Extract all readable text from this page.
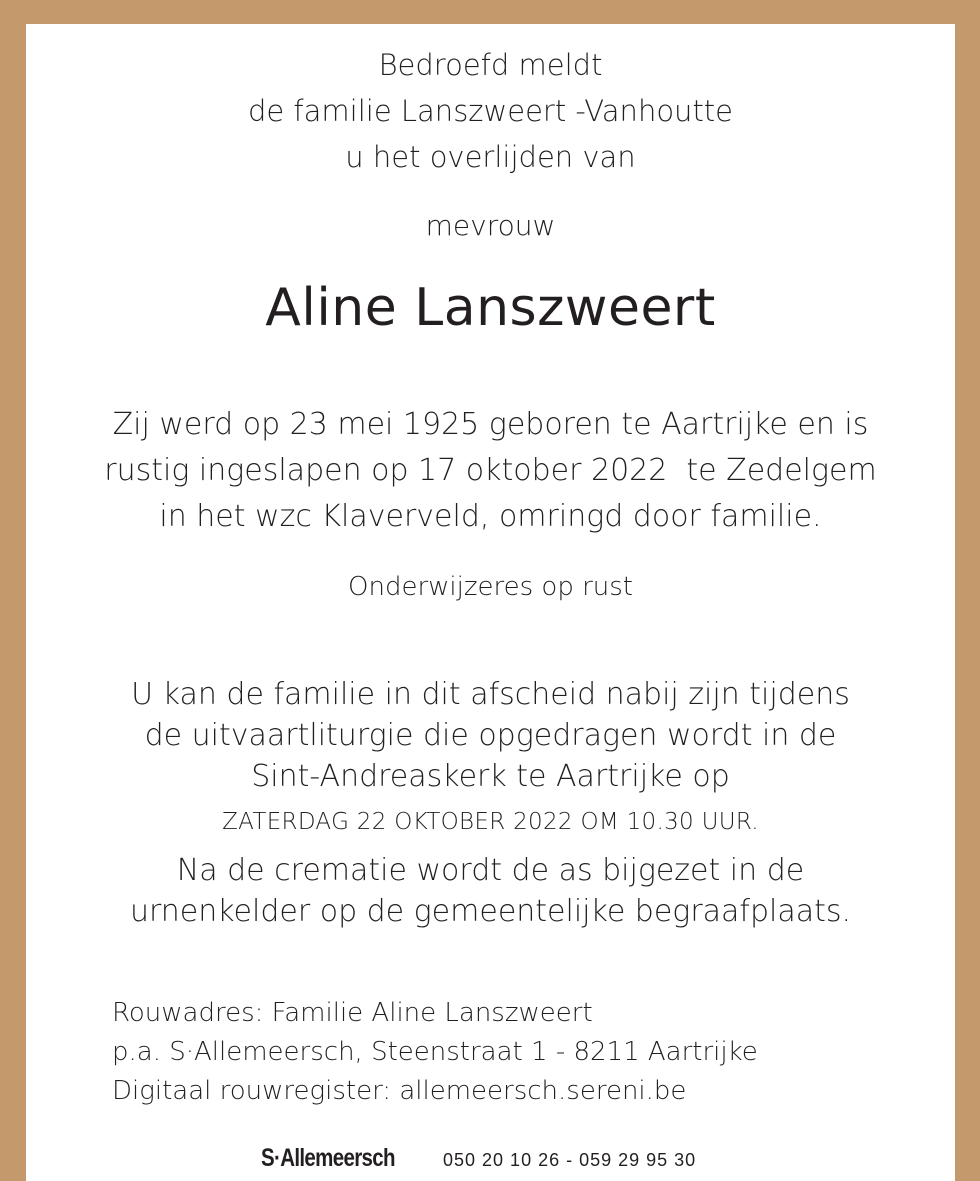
Bedroefd meldt
de familie Lanszweert -Vanhoutte
u het overlijden van
mevrouw
Aline Lanszweert
Zij werd op 23 mei 1925 geboren te Aartrijke en is
rustig ingeslapen op 17 oktober 2022  te Zedelgem
in het wzc Klaverveld, omringd door familie.
Onderwijzeres op rust
U kan de familie in dit afscheid nabij zijn tijdens
de uitvaartliturgie die opgedragen wordt in de
Sint-Andreaskerk te Aartrijke op
ZATERDAG 22 OKTOBER 2022 OM 10.30 UUR.
Na de crematie wordt de as bijgezet in de
urnenkelder op de gemeentelijke begraafplaats.
Rouwadres: Familie Aline Lanszweert
p.a. S·Allemeersch, Steenstraat 1 - 8211 Aartrijke
Digitaal rouwregister: allemeersch.sereni.be
S·Allemeersch	050 20 10 26 - 059 29 95 30
